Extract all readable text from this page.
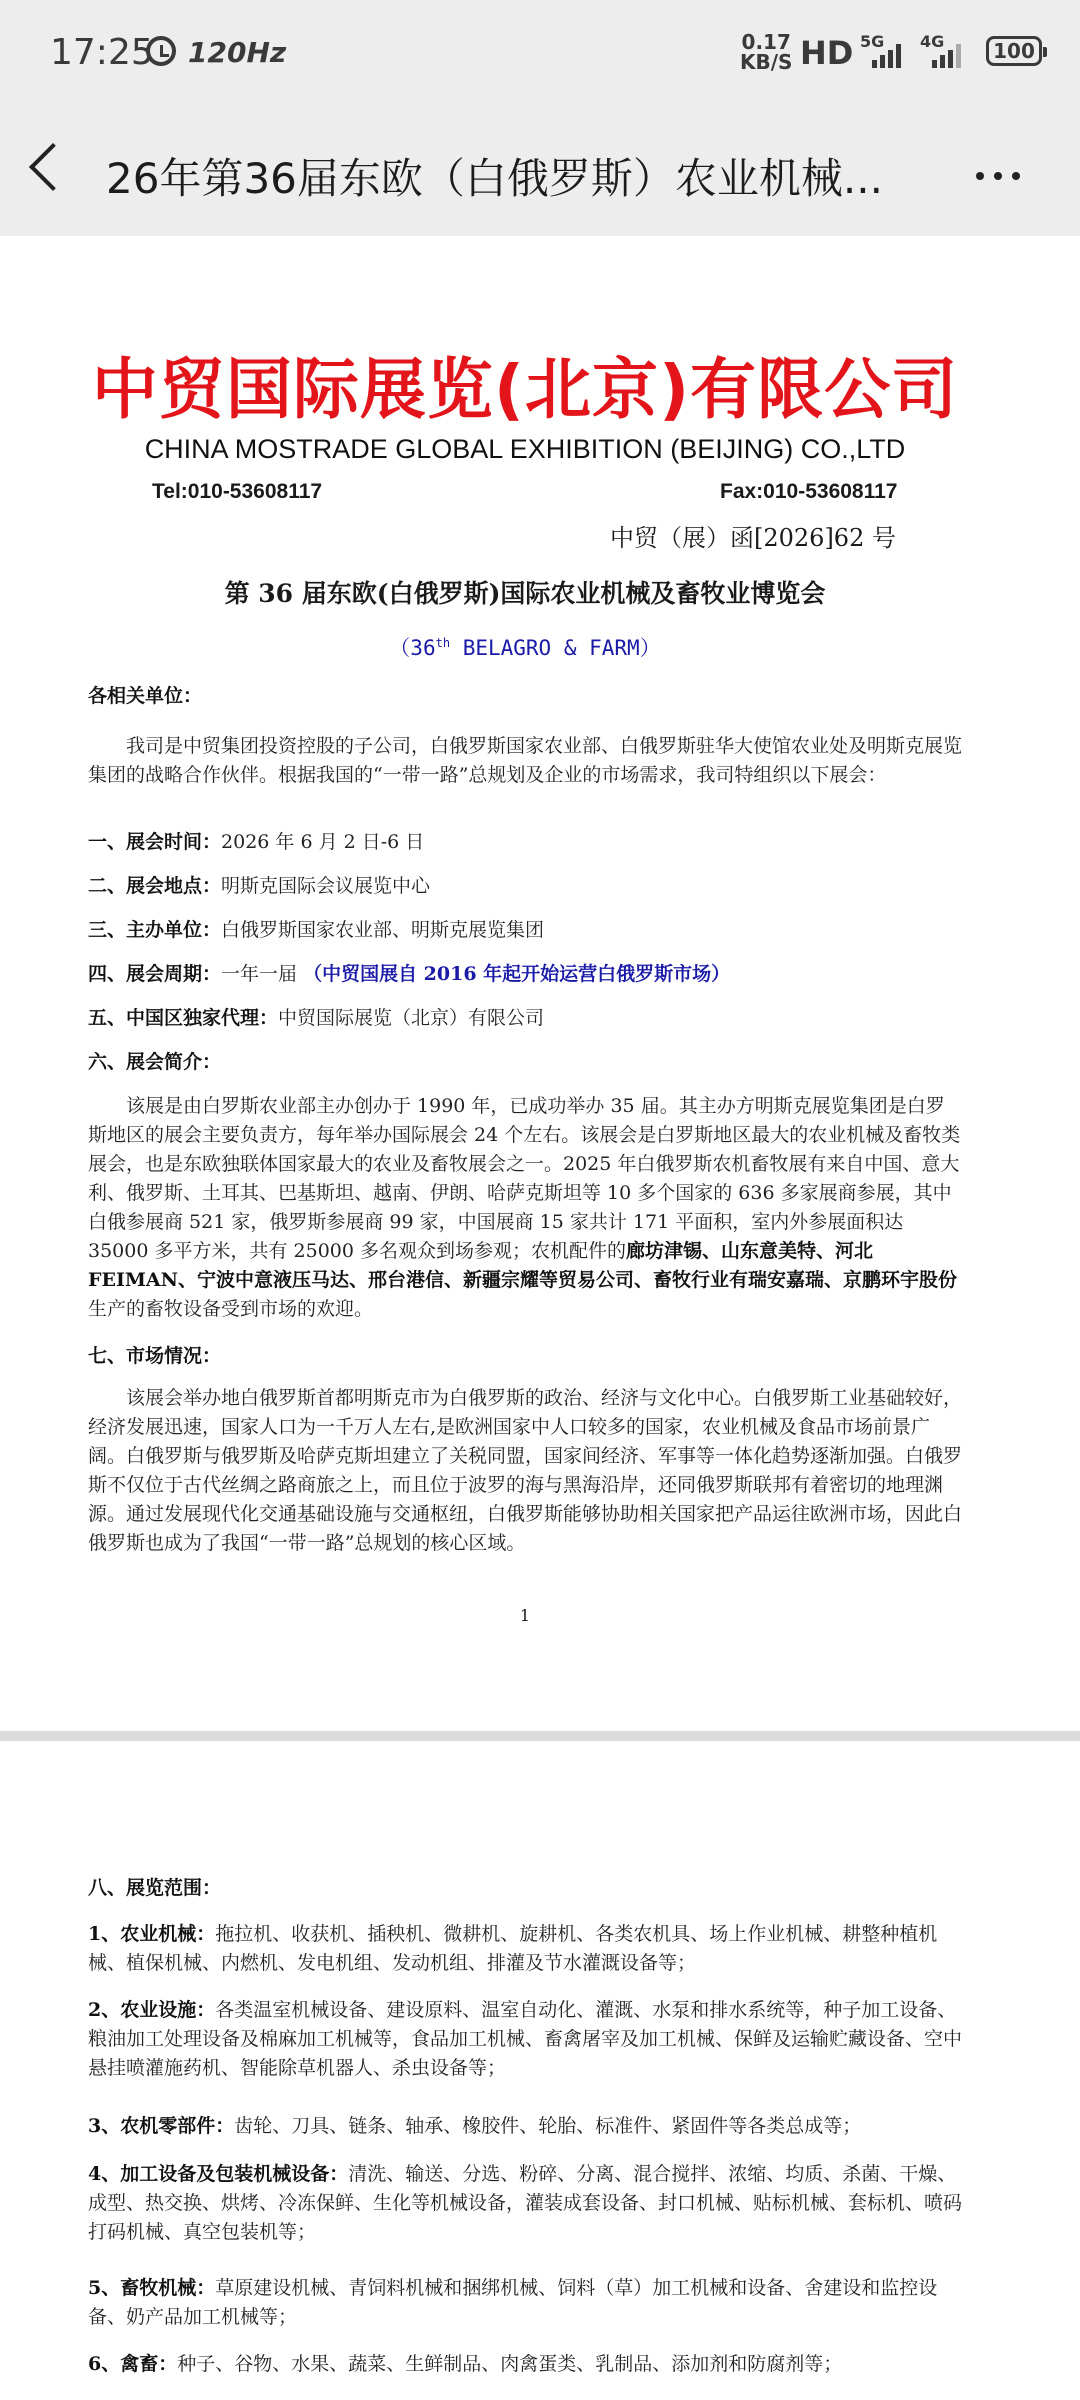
17:25 120Hz	0.17
KB/S HD 5G 4G	100
26年第36届东欧（白俄罗斯）农业机械...
中贸国际展览(北京)有限公司
CHINA MOSTRADE GLOBAL EXHIBITION (BEIJING) CO.,LTD
Tel:010-53608117	Fax:010-53608117
中贸（展）函[2026]62 号
第 36 届东欧(白俄罗斯)国际农业机械及畜牧业博览会
（36th BELAGRO & FARM）
各相关单位：
我司是中贸集团投资控股的子公司，白俄罗斯国家农业部、白俄罗斯驻华大使馆农业处及明斯克展览集团的战略合作伙伴。根据我国的“一带一路”总规划及企业的市场需求，我司特组织以下展会：
一、展会时间：2026 年 6 月 2 日-6 日
二、展会地点：明斯克国际会议展览中心
三、主办单位：白俄罗斯国家农业部、明斯克展览集团
四、展会周期：一年一届 （中贸国展自 2016 年起开始运营白俄罗斯市场）
五、中国区独家代理：中贸国际展览（北京）有限公司
六、展会简介：
该展是由白罗斯农业部主办创办于 1990 年，已成功举办 35 届。其主办方明斯克展览集团是白罗斯地区的展会主要负责方，每年举办国际展会 24 个左右。该展会是白罗斯地区最大的农业机械及畜牧类展会，也是东欧独联体国家最大的农业及畜牧展会之一。2025 年白俄罗斯农机畜牧展有来自中国、意大利、俄罗斯、土耳其、巴基斯坦、越南、伊朗、哈萨克斯坦等 10 多个国家的 636 多家展商参展，其中白俄参展商 521 家，俄罗斯参展商 99 家，中国展商 15 家共计 171 平面积，室内外参展面积达 35000 多平方米，共有 25000 多名观众到场参观；农机配件的廊坊津锡、山东意美特、河北 FEIMAN、宁波中意液压马达、邢台港信、新疆宗耀等贸易公司、畜牧行业有瑞安嘉瑞、京鹏环宇股份生产的畜牧设备受到市场的欢迎。
七、市场情况：
该展会举办地白俄罗斯首都明斯克市为白俄罗斯的政治、经济与文化中心。白俄罗斯工业基础较好，经济发展迅速，国家人口为一千万人左右,是欧洲国家中人口较多的国家，农业机械及食品市场前景广阔。白俄罗斯与俄罗斯及哈萨克斯坦建立了关税同盟，国家间经济、军事等一体化趋势逐渐加强。白俄罗斯不仅位于古代丝绸之路商旅之上，而且位于波罗的海与黑海沿岸，还同俄罗斯联邦有着密切的地理渊源。通过发展现代化交通基础设施与交通枢纽，白俄罗斯能够协助相关国家把产品运往欧洲市场，因此白俄罗斯也成为了我国“一带一路”总规划的核心区域。
1
八、展览范围：
1、农业机械：拖拉机、收获机、插秧机、微耕机、旋耕机、各类农机具、场上作业机械、耕整种植机械、植保机械、内燃机、发电机组、发动机组、排灌及节水灌溉设备等；
2、农业设施：各类温室机械设备、建设原料、温室自动化、灌溉、水泵和排水系统等，种子加工设备、粮油加工处理设备及棉麻加工机械等，食品加工机械、畜禽屠宰及加工机械、保鲜及运输贮藏设备、空中悬挂喷灌施药机、智能除草机器人、杀虫设备等；
3、农机零部件：齿轮、刀具、链条、轴承、橡胶件、轮胎、标准件、紧固件等各类总成等；
4、加工设备及包装机械设备：清洗、输送、分选、粉碎、分离、混合搅拌、浓缩、均质、杀菌、干燥、成型、热交换、烘烤、冷冻保鲜、生化等机械设备，灌装成套设备、封口机械、贴标机械、套标机、喷码打码机械、真空包装机等；
5、畜牧机械：草原建设机械、青饲料机械和捆绑机械、饲料（草）加工机械和设备、舍建设和监控设备、奶产品加工机械等；
6、禽畜：种子、谷物、水果、蔬菜、生鲜制品、肉禽蛋类、乳制品、添加剂和防腐剂等；
